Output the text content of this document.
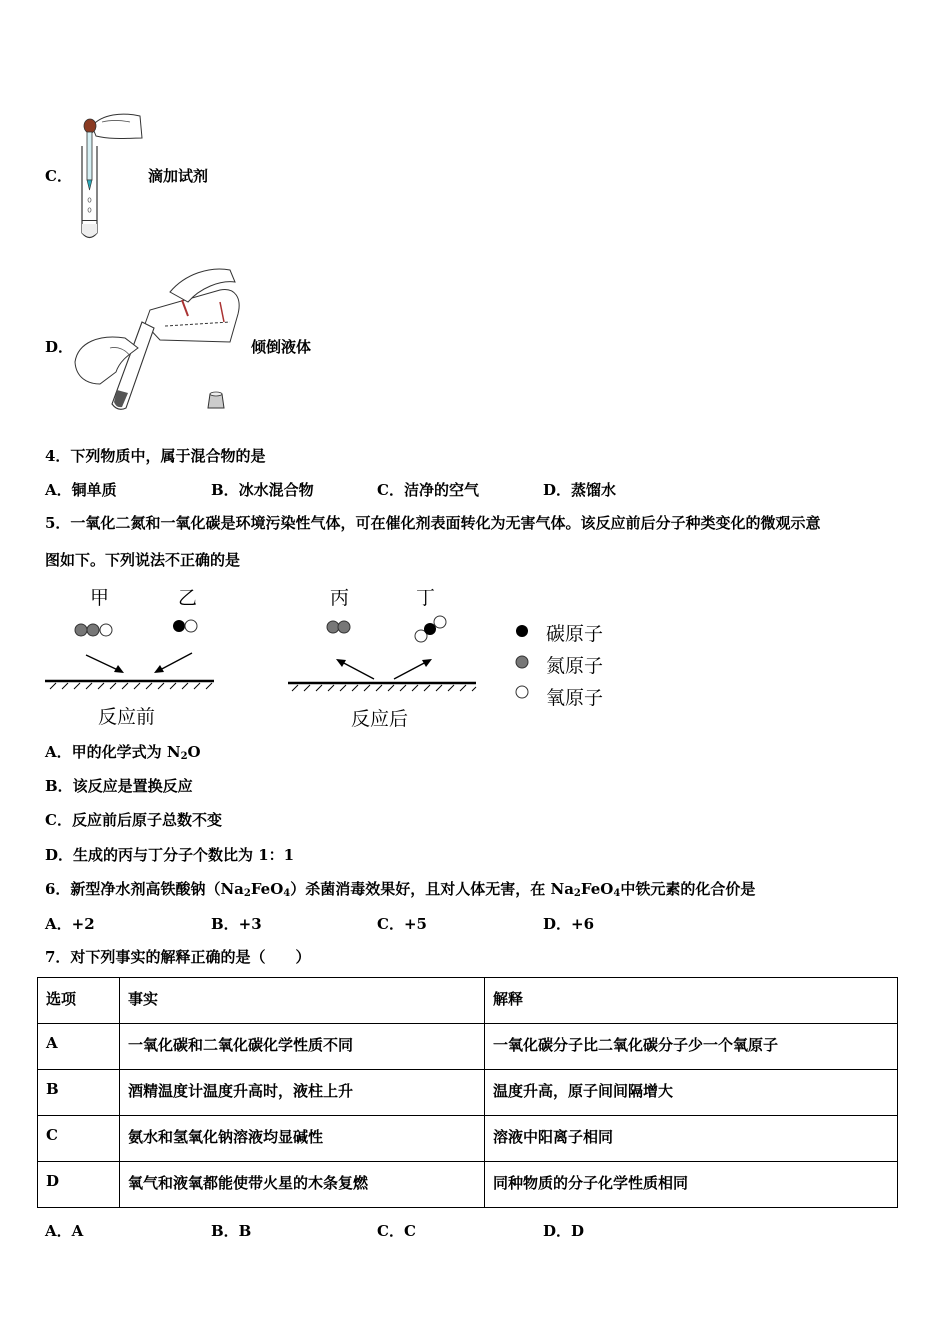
C．	滴加试剂
D．	倾倒液体
4．下列物质中，属于混合物的是
A．铜单质	B．冰水混合物	C．洁净的空气	D．蒸馏水
5．一氧化二氮和一氧化碳是环境污染性气体，可在催化剂表面转化为无害气体。该反应前后分子种类变化的微观示意
图如下。下列说法不正确的是
甲	乙	丙	丁
反应前	反应后
碳原子
氮原子
氧原子
A．甲的化学式为 $N_2O$
B．该反应是置换反应
C．反应前后原子总数不变
D．生成的丙与丁分子个数比为 1：1
6．新型净水剂高铁酸钠$(Na_2FeO_4)$杀菌消毒效果好，且对人体无害，在 $Na_2FeO_4$中铁元素的化合价是
A．+2	B．+3	C．+5	D．+6
7．对下列事实的解释正确的是（　　）
选项	事实	解释
A	一氧化碳和二氧化碳化学性质不同	一氧化碳分子比二氧化碳分子少一个氧原子
B	酒精温度计温度升高时，液柱上升	温度升高，原子间间隔增大
C	氨水和氢氧化钠溶液均显碱性	溶液中阳离子相同
D	氧气和液氧都能使带火星的木条复燃	同种物质的分子化学性质相同
A．A	B．B	C．C	D．D
